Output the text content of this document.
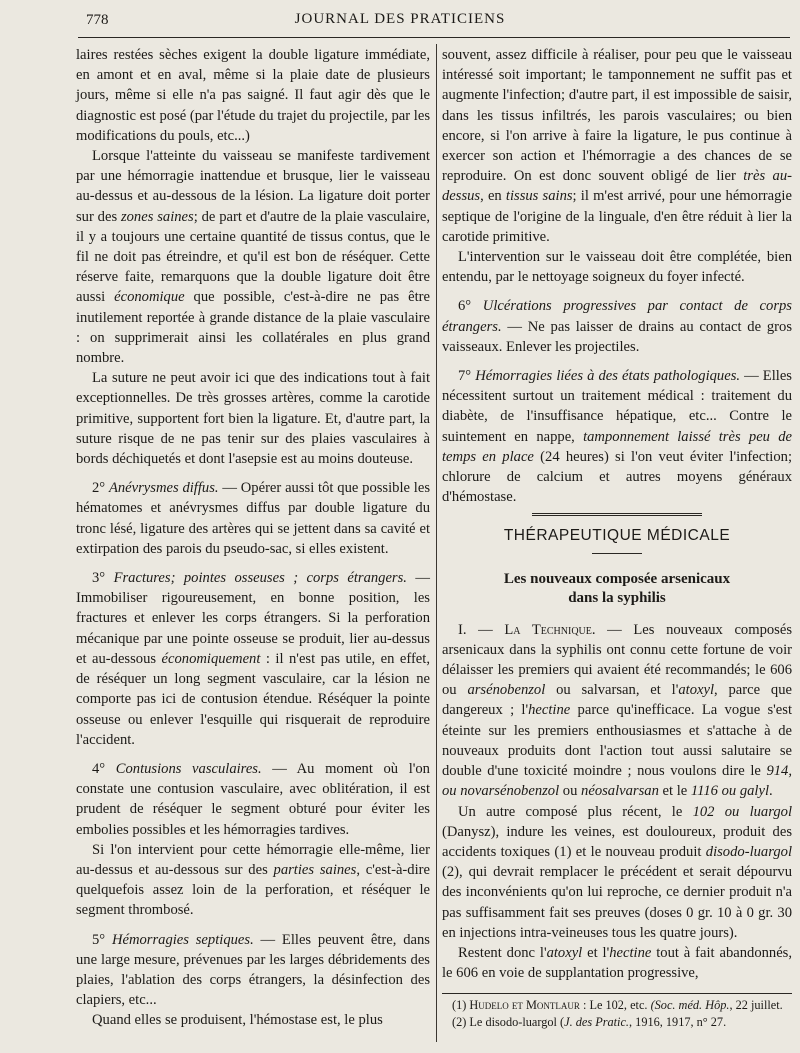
778	JOURNAL DES PRATICIENS

laires restées sèches exigent la double ligature immédiate, en amont et en aval, même si la plaie date de plusieurs jours, même si elle n'a pas saigné. Il faut agir dès que le diagnostic est posé (par l'étude du trajet du projectile, par les modifications du pouls, etc...)

Lorsque l'atteinte du vaisseau se manifeste tardivement par une hémorragie inattendue et brusque, lier le vaisseau au-dessus et au-dessous de la lésion. La ligature doit porter sur des zones saines; de part et d'autre de la plaie vasculaire, il y a toujours une certaine quantité de tissus contus, que le fil ne doit pas étreindre, et qu'il est bon de réséquer. Cette réserve faite, remarquons que la double ligature doit être aussi économique que possible, c'est-à-dire ne pas être inutilement reportée à grande distance de la plaie vasculaire : on supprimerait ainsi les collatérales en plus grand nombre.

La suture ne peut avoir ici que des indications tout à fait exceptionnelles. De très grosses artères, comme la carotide primitive, supportent fort bien la ligature. Et, d'autre part, la suture risque de ne pas tenir sur des plaies vasculaires à bords déchiquetés et dont l'asepsie est au moins douteuse.

2° Anévrysmes diffus. — Opérer aussi tôt que possible les hématomes et anévrysmes diffus par double ligature du tronc lésé, ligature des artères qui se jettent dans sa cavité et extirpation des parois du pseudo-sac, si elles existent.

3° Fractures; pointes osseuses ; corps étrangers. — Immobiliser rigoureusement, en bonne position, les fractures et enlever les corps étrangers. Si la perforation mécanique par une pointe osseuse se produit, lier au-dessus et au-dessous économiquement : il n'est pas utile, en effet, de réséquer un long segment vasculaire, car la lésion ne comporte pas ici de contusion étendue. Réséquer la pointe osseuse ou enlever l'esquille qui risquerait de reproduire l'accident.

4° Contusions vasculaires. — Au moment où l'on constate une contusion vasculaire, avec oblitération, il est prudent de réséquer le segment obturé pour éviter les embolies possibles et les hémorragies tardives.

Si l'on intervient pour cette hémorragie elle-même, lier au-dessus et au-dessous sur des parties saines, c'est-à-dire quelquefois assez loin de la perforation, et réséquer le segment thrombosé.

5° Hémorragies septiques. — Elles peuvent être, dans une large mesure, prévenues par les larges débridements des plaies, l'ablation des corps étrangers, la désinfection des clapiers, etc...

Quand elles se produisent, l'hémostase est, le plus

souvent, assez difficile à réaliser, pour peu que le vaisseau intéressé soit important; le tamponnement ne suffit pas et augmente l'infection; d'autre part, il est impossible de saisir, dans les tissus infiltrés, les parois vasculaires; ou bien encore, si l'on arrive à faire la ligature, le pus continue à exercer son action et l'hémorragie a des chances de se reproduire. On est donc souvent obligé de lier très au-dessus, en tissus sains; il m'est arrivé, pour une hémorragie septique de l'origine de la linguale, d'en être réduit à lier la carotide primitive.

L'intervention sur le vaisseau doit être complétée, bien entendu, par le nettoyage soigneux du foyer infecté.

6° Ulcérations progressives par contact de corps étrangers. — Ne pas laisser de drains au contact de gros vaisseaux. Enlever les projectiles.

7° Hémorragies liées à des états pathologiques. — Elles nécessitent surtout un traitement médical : traitement du diabète, de l'insuffisance hépatique, etc... Contre le suintement en nappe, tamponnement laissé très peu de temps en place (24 heures) si l'on veut éviter l'infection; chlorure de calcium et autres moyens généraux d'hémostase.

THÉRAPEUTIQUE MÉDICALE
Les nouveaux composée arsenicaux
dans la syphilis

I. — La Technique. — Les nouveaux composés arsenicaux dans la syphilis ont connu cette fortune de voir délaisser les premiers qui avaient été recommandés; le 606 ou arsénobenzol ou salvarsan, et l'atoxyl, parce que dangereux ; l'hectine parce qu'inefficace. La vogue s'est éteinte sur les premiers enthousiasmes et s'attache à de nouveaux produits dont l'action tout aussi salutaire se double d'une toxicité moindre ; nous voulons dire le 914, ou novarsénobenzol ou néosalvarsan et le 1116 ou galyl.

Un autre composé plus récent, le 102 ou luargol (Danysz), indure les veines, est douloureux, produit des accidents toxiques (1) et le nouveau produit disodo-luargol (2), qui devrait remplacer le précédent et serait dépourvu des inconvénients qu'on lui reproche, ce dernier produit n'a pas suffisamment fait ses preuves (doses 0 gr. 10 à 0 gr. 30 en injections intra-veineuses tous les quatre jours).

Restent donc l'atoxyl et l'hectine tout à fait abandonnés, le 606 en voie de supplantation progressive,

(1) Hudelo et Montlaur : Le 102, etc. (Soc. méd. Hôp., 22 juillet.

(2) Le disodo-luargol (J. des Pratic., 1916, 1917, n° 27.
